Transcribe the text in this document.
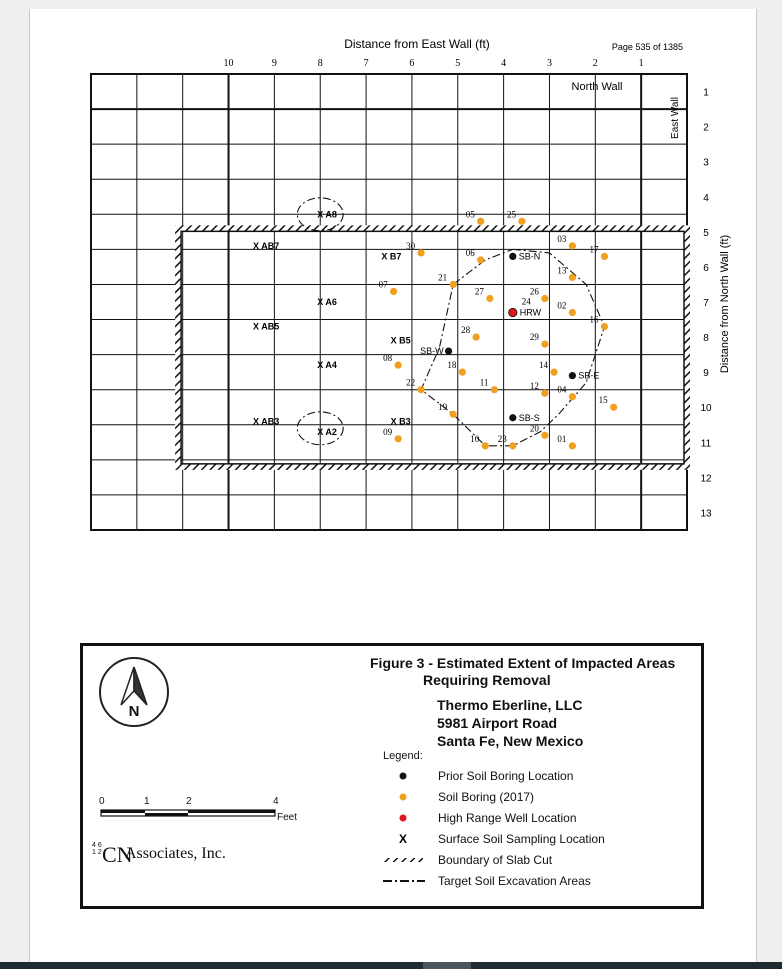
05	25
30
03
17
06
13
07
21
27	26
02
16
28
29
08
18	14
22	11	12 04
15
19
20
09
10 23	01
SB-N
SB-W
SB-E
SB-S
24
HRW
X A8
X AB7
X B7
X A6
X AB5
X B5
X A4
X AB3	X B3
X A2
Distance from East Wall (ft)	Page 535 of 1385
Distance from North Wall (ft)
North Wall
East Wall
10	9	8	7	6	5	4	3	2	1
1
2
3
4
5
6
7
8
9
10
11
12
13
N
Figure 3 - Estimated Extent of Impacted Areas
Requiring Removal
Thermo Eberline, LLC
5981 Airport Road
Santa Fe, New Mexico
Legend:
Prior Soil Boring Location
Soil Boring (2017)
High Range Well Location
X	Surface Soil Sampling Location
Boundary of Slab Cut
Target Soil Excavation Areas
0	1	2	4
Feet
4 6 1 2 CN
Associates, Inc.
